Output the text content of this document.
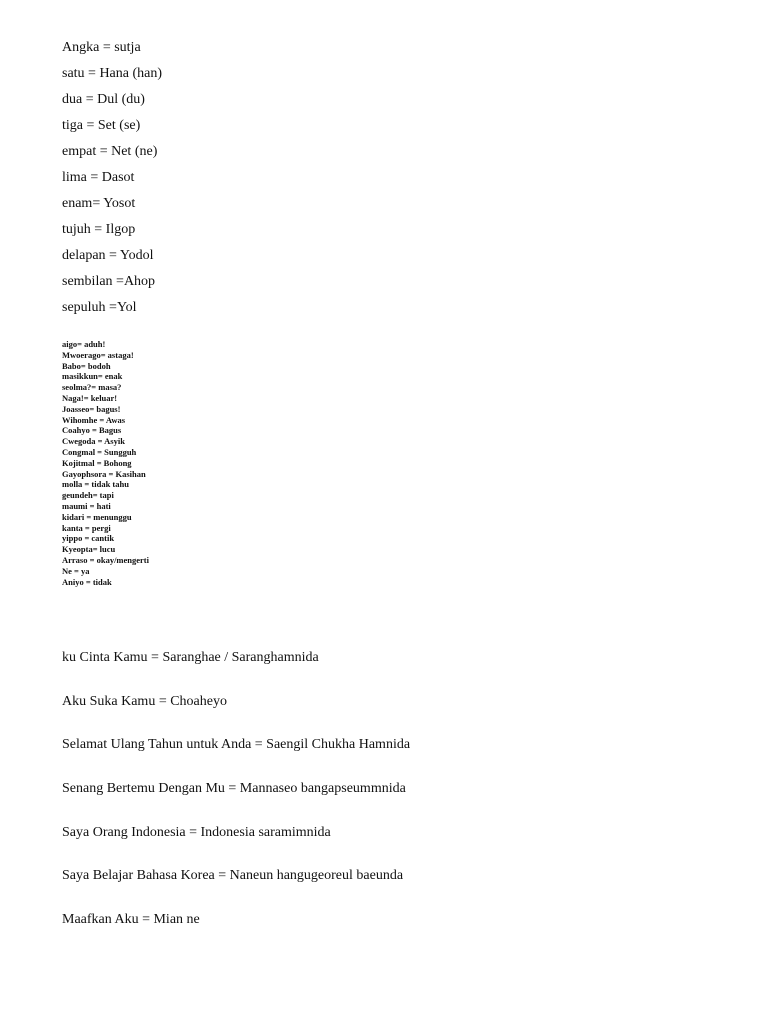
Angka = sutja
satu = Hana (han)
dua = Dul (du)
tiga = Set (se)
empat = Net (ne)
lima = Dasot
enam= Yosot
tujuh = Ilgop
delapan = Yodol
sembilan =Ahop
sepuluh =Yol
aigo= aduh!
Mwoerago= astaga!
Babo= bodoh
masikkun= enak
seolma?= masa?
Naga!= keluar!
Joasseo= bagus!
Wihomhe = Awas
Coahyo = Bagus
Cwegoda = Asyik
Congmal = Sungguh
Kojitmal = Bohong
Gayophsora = Kasihan
molla = tidak tahu
geundeh= tapi
maumi = hati
kidari = menunggu
kanta = pergi
yippo = cantik
Kyeopta= lucu
Arraso = okay/mengerti
Ne = ya
Aniyo = tidak
ku Cinta Kamu = Saranghae / Saranghamnida
Aku Suka Kamu = Choaheyo
Selamat Ulang Tahun untuk Anda = Saengil Chukha Hamnida
Senang Bertemu Dengan Mu = Mannaseo bangapseummnida
Saya Orang Indonesia = Indonesia saramimnida
Saya Belajar Bahasa Korea = Naneun hangugeoreul baeunda
Maafkan Aku = Mian ne
